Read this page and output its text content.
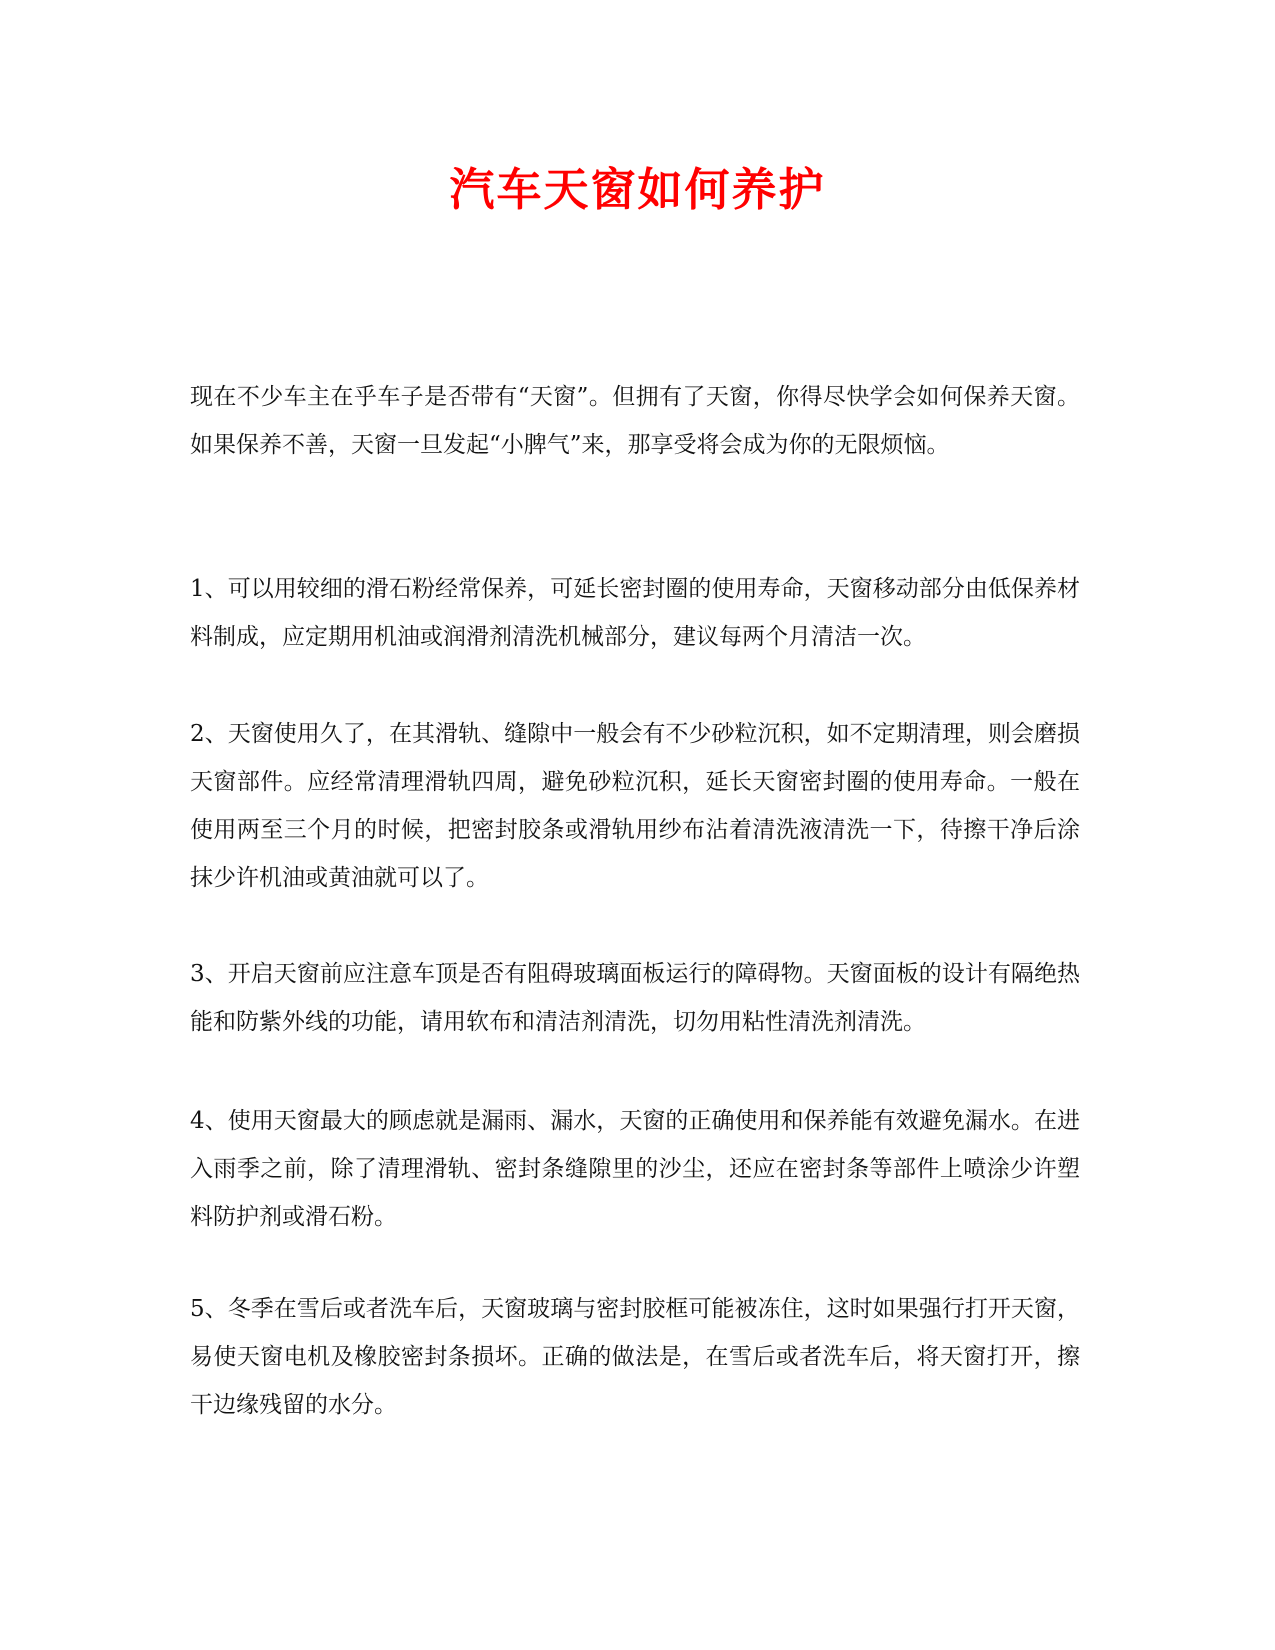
汽车天窗如何养护

现在不少车主在乎车子是否带有“天窗”。但拥有了天窗，你得尽快学会如何保养天窗。如果保养不善，天窗一旦发起“小脾气”来，那享受将会成为你的无限烦恼。

1、可以用较细的滑石粉经常保养，可延长密封圈的使用寿命，天窗移动部分由低保养材料制成，应定期用机油或润滑剂清洗机械部分，建议每两个月清洁一次。

2、天窗使用久了，在其滑轨、缝隙中一般会有不少砂粒沉积，如不定期清理，则会磨损天窗部件。应经常清理滑轨四周，避免砂粒沉积，延长天窗密封圈的使用寿命。一般在使用两至三个月的时候，把密封胶条或滑轨用纱布沾着清洗液清洗一下，待擦干净后涂抹少许机油或黄油就可以了。

3、开启天窗前应注意车顶是否有阻碍玻璃面板运行的障碍物。天窗面板的设计有隔绝热能和防紫外线的功能，请用软布和清洁剂清洗，切勿用粘性清洗剂清洗。

4、使用天窗最大的顾虑就是漏雨、漏水，天窗的正确使用和保养能有效避免漏水。在进入雨季之前，除了清理滑轨、密封条缝隙里的沙尘，还应在密封条等部件上喷涂少许塑料防护剂或滑石粉。

5、冬季在雪后或者洗车后，天窗玻璃与密封胶框可能被冻住，这时如果强行打开天窗，易使天窗电机及橡胶密封条损坏。正确的做法是，在雪后或者洗车后，将天窗打开，擦干边缘残留的水分。
